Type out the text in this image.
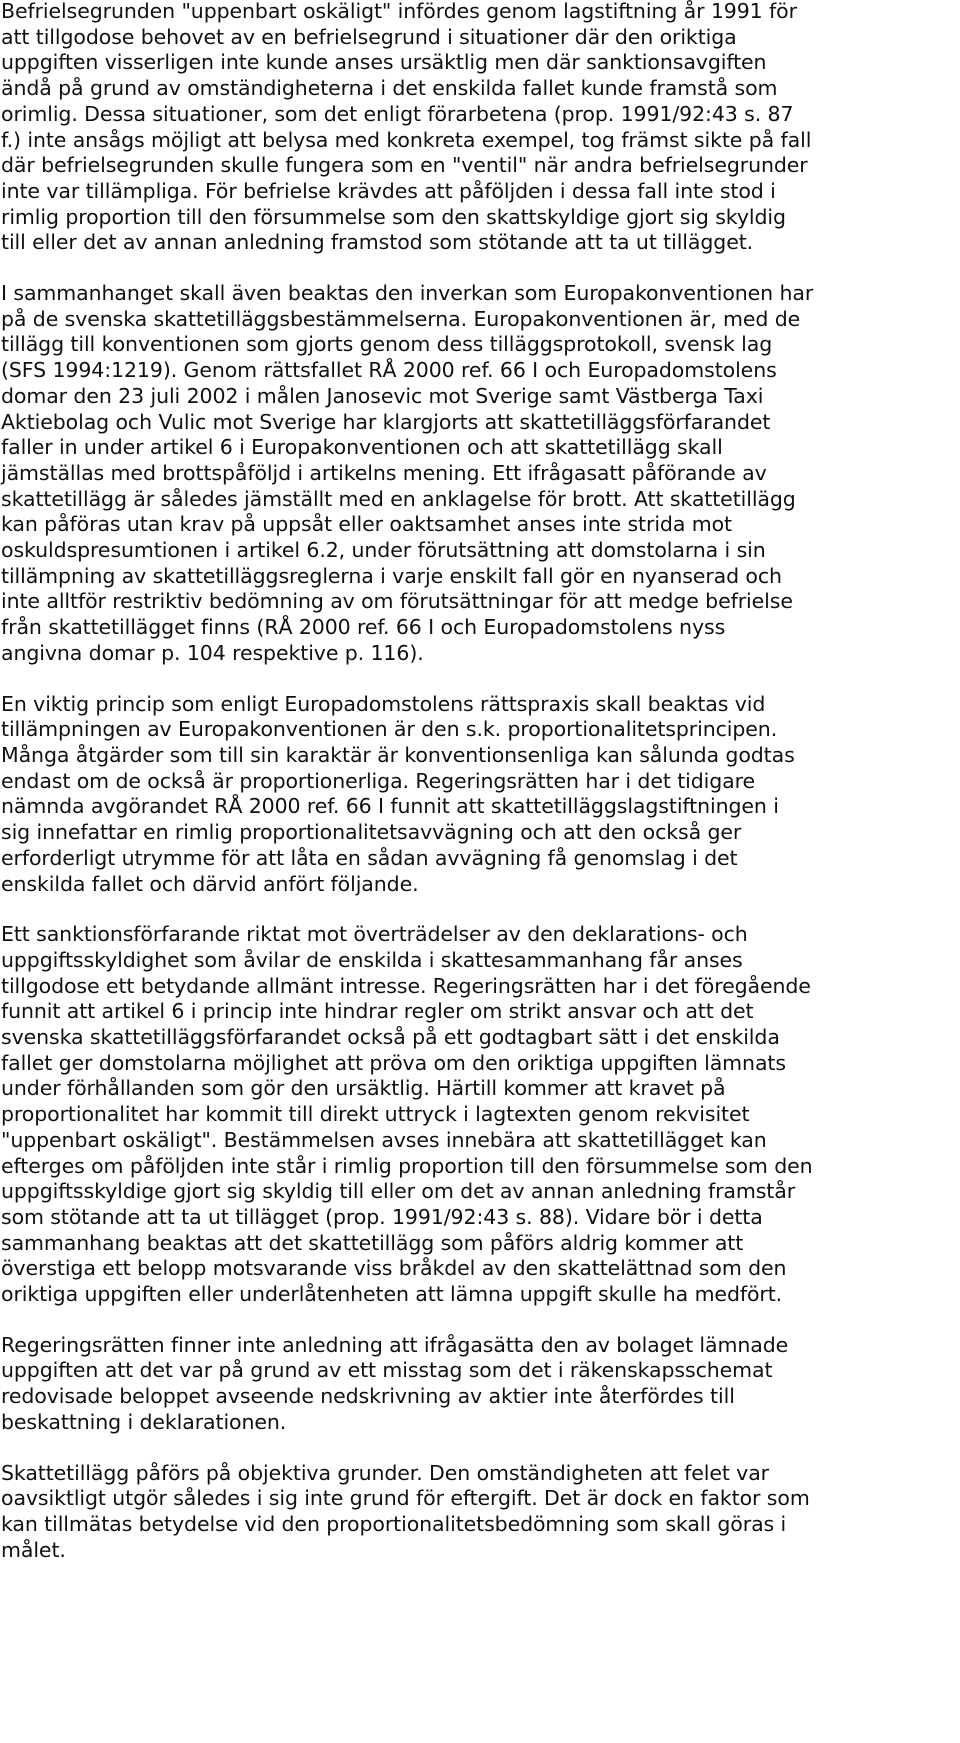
Befrielsegrunden "uppenbart oskäligt" infördes genom lagstiftning år 1991 för
att tillgodose behovet av en befrielsegrund i situationer där den oriktiga
uppgiften visserligen inte kunde anses ursäktlig men där sanktionsavgiften
ändå på grund av omständigheterna i det enskilda fallet kunde framstå som
orimlig. Dessa situationer, som det enligt förarbetena (prop. 1991/92:43 s. 87
f.) inte ansågs möjligt att belysa med konkreta exempel, tog främst sikte på fall
där befrielsegrunden skulle fungera som en "ventil" när andra befrielsegrunder
inte var tillämpliga. För befrielse krävdes att påföljden i dessa fall inte stod i
rimlig proportion till den försummelse som den skattskyldige gjort sig skyldig
till eller det av annan anledning framstod som stötande att ta ut tillägget.

I sammanhanget skall även beaktas den inverkan som Europakonventionen har
på de svenska skattetilläggsbestämmelserna. Europakonventionen är, med de
tillägg till konventionen som gjorts genom dess tilläggsprotokoll, svensk lag
(SFS 1994:1219). Genom rättsfallet RÅ 2000 ref. 66 I och Europadomstolens
domar den 23 juli 2002 i målen Janosevic mot Sverige samt Västberga Taxi
Aktiebolag och Vulic mot Sverige har klargjorts att skattetilläggsförfarandet
faller in under artikel 6 i Europakonventionen och att skattetillägg skall
jämställas med brottspåföljd i artikelns mening. Ett ifrågasatt påförande av
skattetillägg är således jämställt med en anklagelse för brott. Att skattetillägg
kan påföras utan krav på uppsåt eller oaktsamhet anses inte strida mot
oskuldspresumtionen i artikel 6.2, under förutsättning att domstolarna i sin
tillämpning av skattetilläggsreglerna i varje enskilt fall gör en nyanserad och
inte alltför restriktiv bedömning av om förutsättningar för att medge befrielse
från skattetillägget finns (RÅ 2000 ref. 66 I och Europadomstolens nyss
angivna domar p. 104 respektive p. 116).

En viktig princip som enligt Europadomstolens rättspraxis skall beaktas vid
tillämpningen av Europakonventionen är den s.k. proportionalitetsprincipen.
Många åtgärder som till sin karaktär är konventionsenliga kan sålunda godtas
endast om de också är proportionerliga. Regeringsrätten har i det tidigare
nämnda avgörandet RÅ 2000 ref. 66 I funnit att skattetilläggslagstiftningen i
sig innefattar en rimlig proportionalitetsavvägning och att den också ger
erforderligt utrymme för att låta en sådan avvägning få genomslag i det
enskilda fallet och därvid anfört följande.

Ett sanktionsförfarande riktat mot överträdelser av den deklarations- och
uppgiftsskyldighet som åvilar de enskilda i skattesammanhang får anses
tillgodose ett betydande allmänt intresse. Regeringsrätten har i det föregående
funnit att artikel 6 i princip inte hindrar regler om strikt ansvar och att det
svenska skattetilläggsförfarandet också på ett godtagbart sätt i det enskilda
fallet ger domstolarna möjlighet att pröva om den oriktiga uppgiften lämnats
under förhållanden som gör den ursäktlig. Härtill kommer att kravet på
proportionalitet har kommit till direkt uttryck i lagtexten genom rekvisitet
"uppenbart oskäligt". Bestämmelsen avses innebära att skattetillägget kan
efterges om påföljden inte står i rimlig proportion till den försummelse som den
uppgiftsskyldige gjort sig skyldig till eller om det av annan anledning framstår
som stötande att ta ut tillägget (prop. 1991/92:43 s. 88). Vidare bör i detta
sammanhang beaktas att det skattetillägg som påförs aldrig kommer att
överstiga ett belopp motsvarande viss bråkdel av den skattelättnad som den
oriktiga uppgiften eller underlåtenheten att lämna uppgift skulle ha medfört.

Regeringsrätten finner inte anledning att ifrågasätta den av bolaget lämnade
uppgiften att det var på grund av ett misstag som det i räkenskapsschemat
redovisade beloppet avseende nedskrivning av aktier inte återfördes till
beskattning i deklarationen.

Skattetillägg påförs på objektiva grunder. Den omständigheten att felet var
oavsiktligt utgör således i sig inte grund för eftergift. Det är dock en faktor som
kan tillmätas betydelse vid den proportionalitetsbedömning som skall göras i
målet.
